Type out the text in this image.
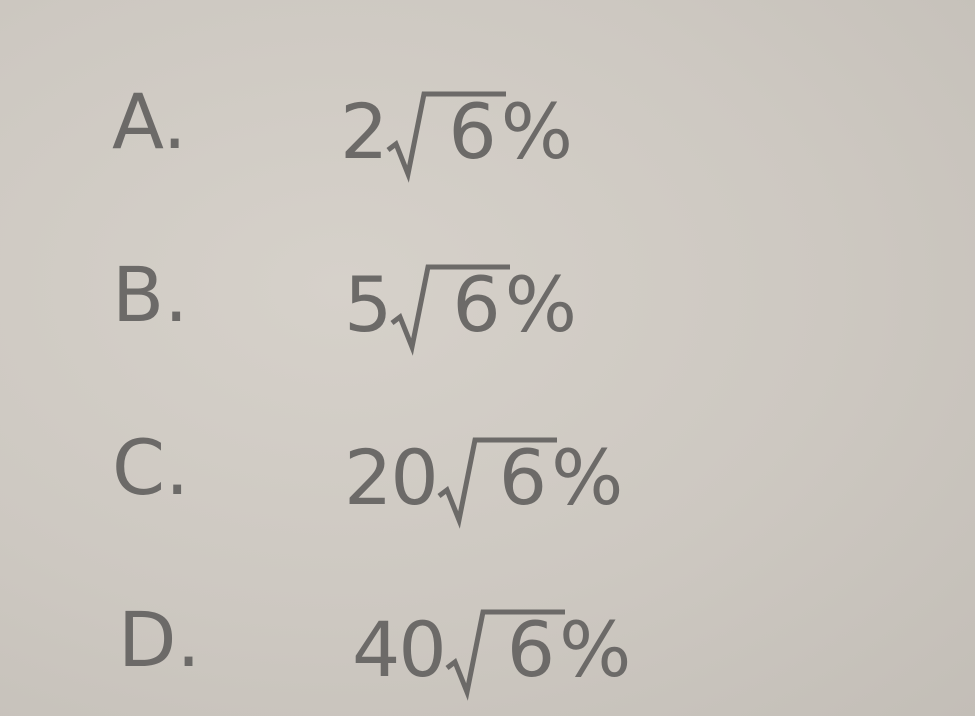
A. 2 6 %
B. 5 6 %
C. 20 6 %
D. 40 6 %
